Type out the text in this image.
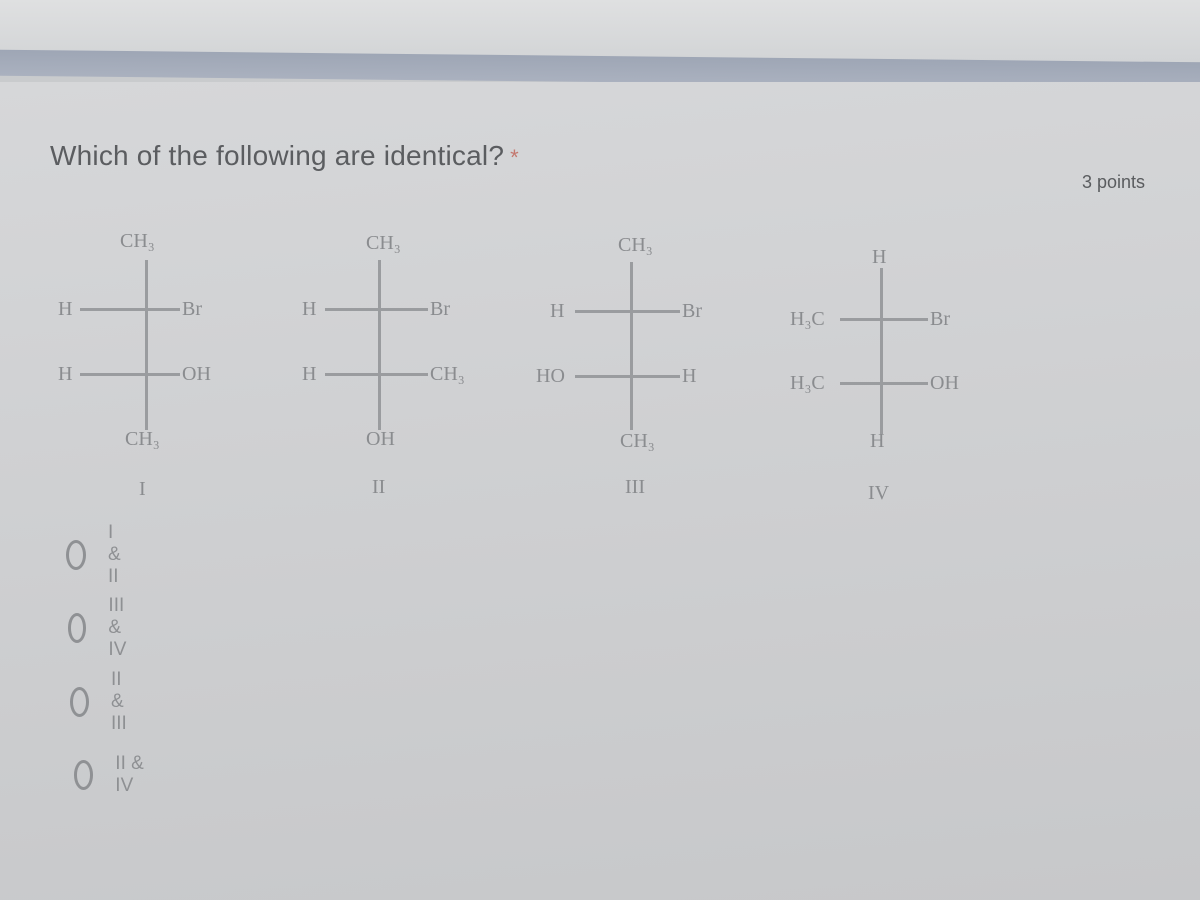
Which of the following are identical? *
3 points
CH₃
H	Br
H	OH
CH₃
I
CH₃
H	Br
H	CH₃
OH
II
CH₃
H	Br
HO	H
CH₃
III
H
H₃C	Br
H₃C	OH
H
IV
I & II
III & IV
II & III
II & IV
